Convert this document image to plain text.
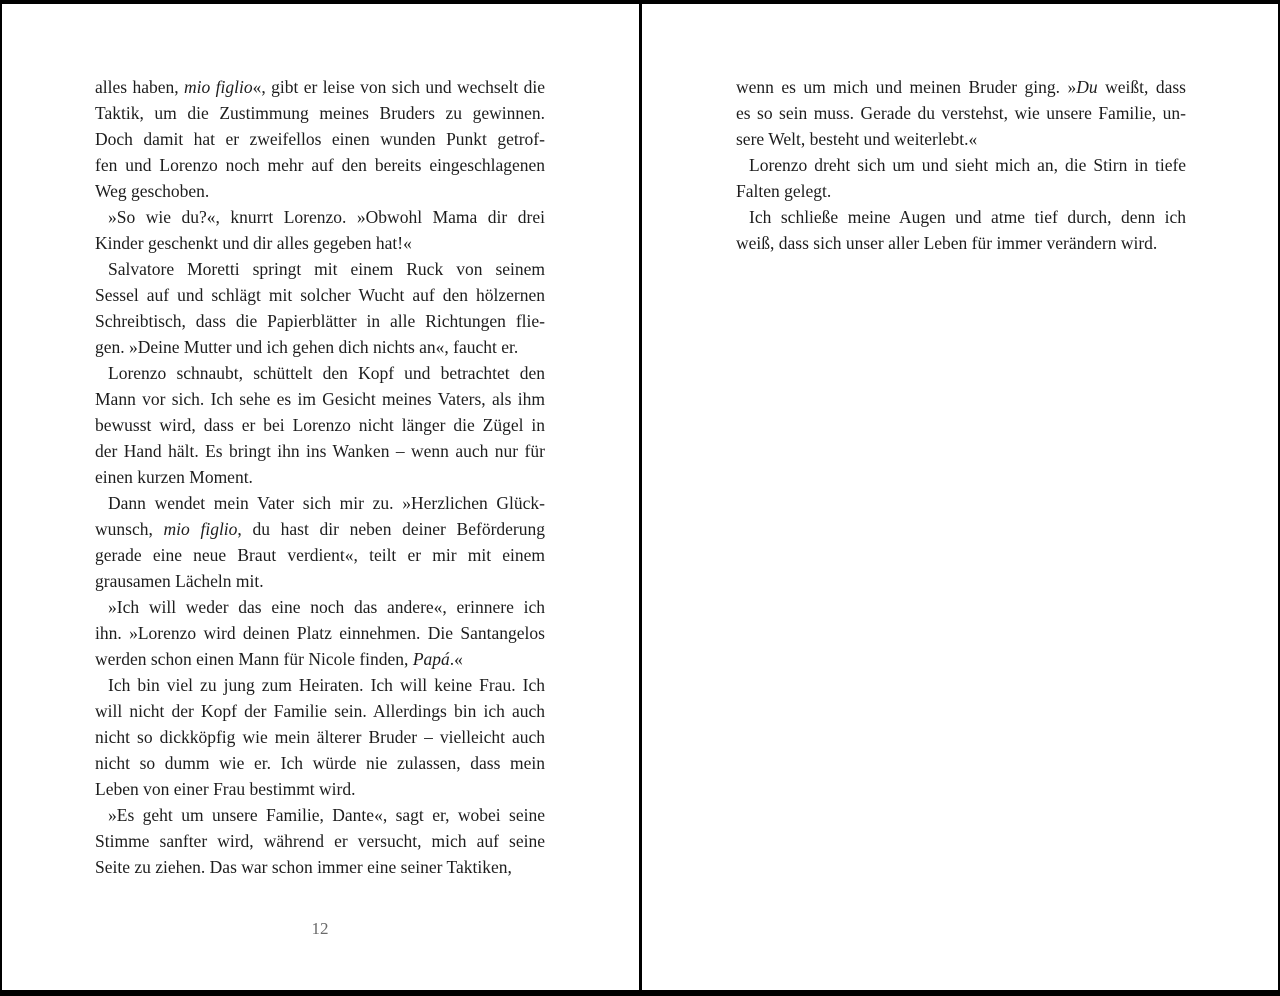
alles haben, mio figlio«, gibt er leise von sich und wechselt die
Taktik, um die Zustimmung meines Bruders zu gewinnen.
Doch damit hat er zweifellos einen wunden Punkt getrof-
fen und Lorenzo noch mehr auf den bereits eingeschlagenen
Weg geschoben.
»So wie du?«, knurrt Lorenzo. »Obwohl Mama dir drei
Kinder geschenkt und dir alles gegeben hat!«
Salvatore Moretti springt mit einem Ruck von seinem
Sessel auf und schlägt mit solcher Wucht auf den hölzernen
Schreibtisch, dass die Papierblätter in alle Richtungen flie-
gen. »Deine Mutter und ich gehen dich nichts an«, faucht er.
Lorenzo schnaubt, schüttelt den Kopf und betrachtet den
Mann vor sich. Ich sehe es im Gesicht meines Vaters, als ihm
bewusst wird, dass er bei Lorenzo nicht länger die Zügel in
der Hand hält. Es bringt ihn ins Wanken – wenn auch nur für
einen kurzen Moment.
Dann wendet mein Vater sich mir zu. »Herzlichen Glück-
wunsch, mio figlio, du hast dir neben deiner Beförderung
gerade eine neue Braut verdient«, teilt er mir mit einem
grausamen Lächeln mit.
»Ich will weder das eine noch das andere«, erinnere ich
ihn. »Lorenzo wird deinen Platz einnehmen. Die Santangelos
werden schon einen Mann für Nicole finden, Papá.«
Ich bin viel zu jung zum Heiraten. Ich will keine Frau. Ich
will nicht der Kopf der Familie sein. Allerdings bin ich auch
nicht so dickköpfig wie mein älterer Bruder – vielleicht auch
nicht so dumm wie er. Ich würde nie zulassen, dass mein
Leben von einer Frau bestimmt wird.
»Es geht um unsere Familie, Dante«, sagt er, wobei seine
Stimme sanfter wird, während er versucht, mich auf seine
Seite zu ziehen. Das war schon immer eine seiner Taktiken,
12
wenn es um mich und meinen Bruder ging. »Du weißt, dass
es so sein muss. Gerade du verstehst, wie unsere Familie, un-
sere Welt, besteht und weiterlebt.«
Lorenzo dreht sich um und sieht mich an, die Stirn in tiefe
Falten gelegt.
Ich schließe meine Augen und atme tief durch, denn ich
weiß, dass sich unser aller Leben für immer verändern wird.
